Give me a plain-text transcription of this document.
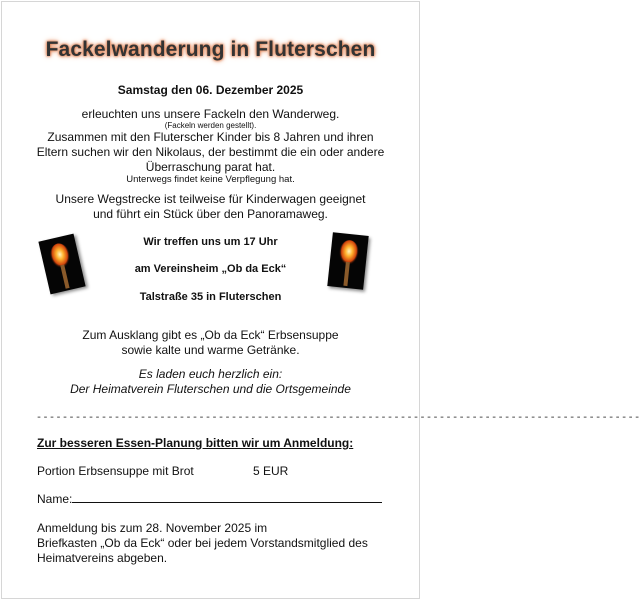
Fackelwanderung in Fluterschen
Samstag den 06. Dezember 2025
erleuchten uns unsere Fackeln den Wanderweg.
(Fackeln werden gestellt).
Zusammen mit den Fluterscher Kinder bis 8 Jahren und ihren
Eltern suchen wir den Nikolaus, der bestimmt die ein oder andere
Überraschung parat hat.
Unterwegs findet keine Verpflegung hat.
Unsere Wegstrecke ist teilweise für Kinderwagen geeignet
und führt ein Stück über den Panoramaweg.
Wir treffen uns um 17 Uhr
am Vereinsheim „Ob da Eck“
Talstraße 35 in Fluterschen
Zum Ausklang gibt es „Ob da Eck“ Erbsensuppe
sowie kalte und warme Getränke.
Es laden euch herzlich ein:
Der Heimatverein Fluterschen und die Ortsgemeinde
---------------------------------------------------------------------------------------------
Zur besseren Essen-Planung bitten wir um Anmeldung:
Portion Erbsensuppe mit Brot	5 EUR
Name:
Anmeldung bis zum 28. November 2025 im
Briefkasten „Ob da Eck“ oder bei jedem Vorstandsmitglied des
Heimatvereins abgeben.
